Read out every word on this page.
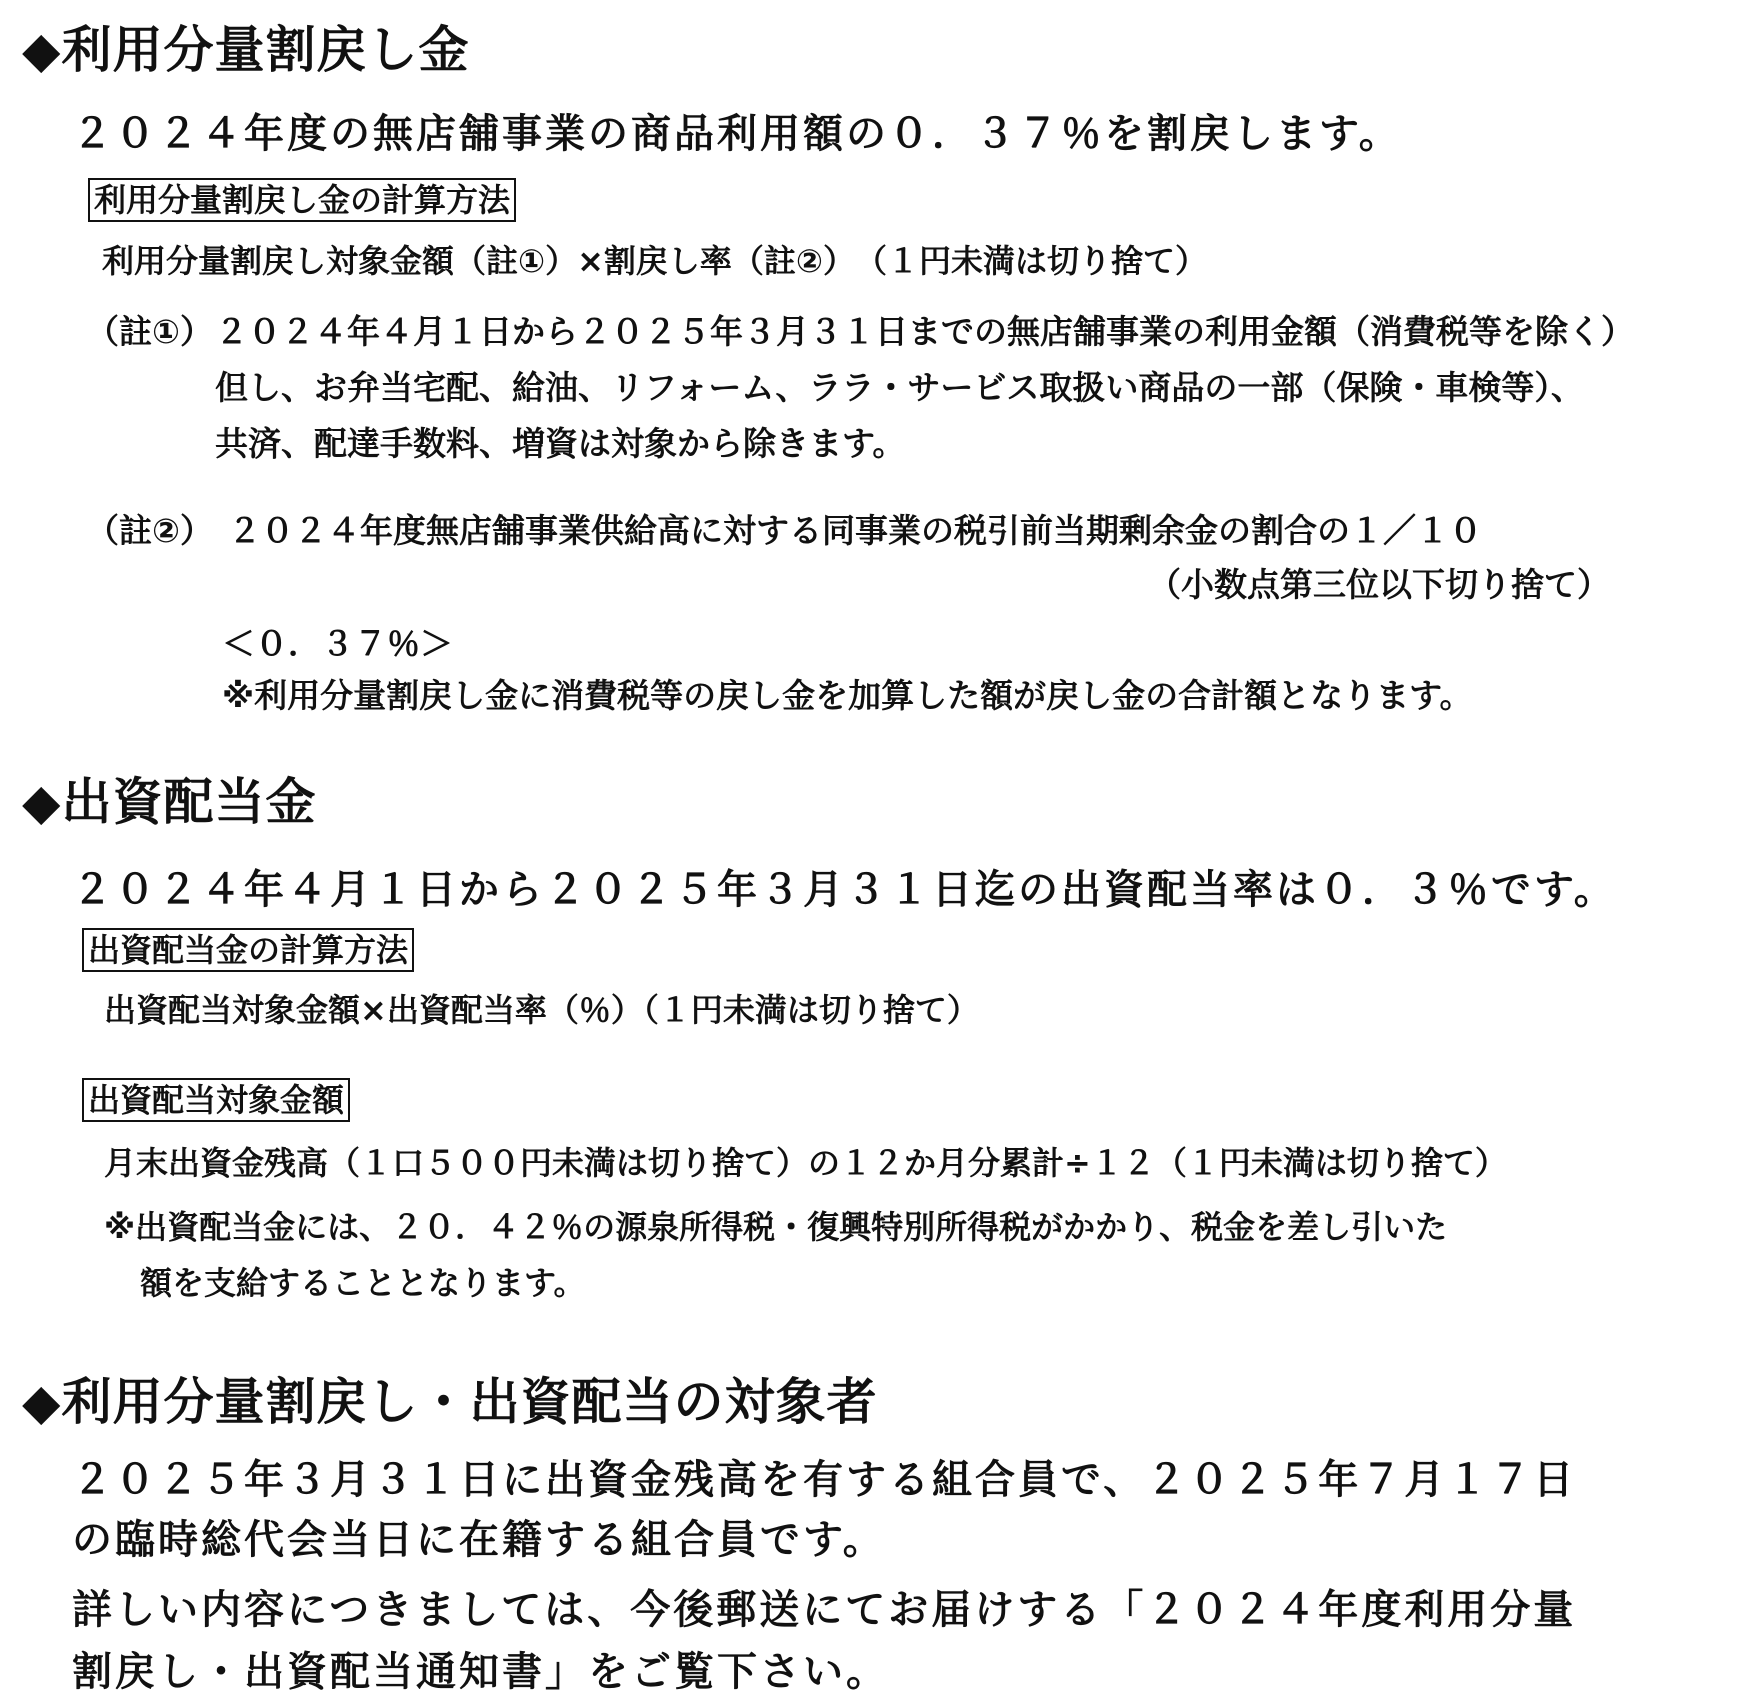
◆利用分量割戻し金
２０２４年度の無店舗事業の商品利用額の０．３７％を割戻します。
利用分量割戻し金の計算方法
利用分量割戻し対象金額（註①）×割戻し率（註②）　（１円未満は切り捨て）
（註①） ２０２４年４月１日から２０２５年３月３１日までの無店舗事業の利用金額（消費税等を除く）
但し、お弁当宅配、給油、リフォーム、ララ・サービス取扱い商品の一部（保険・車検等）、
共済、配達手数料、増資は対象から除きます。
（註②） ２０２４年度無店舗事業供給高に対する同事業の税引前当期剰余金の割合の１／１０
（小数点第三位以下切り捨て）
＜０．３７％＞
※利用分量割戻し金に消費税等の戻し金を加算した額が戻し金の合計額となります。
◆出資配当金
２０２４年４月１日から２０２５年３月３１日迄の出資配当率は０．３％です。
出資配当金の計算方法
出資配当対象金額×出資配当率（％）（１円未満は切り捨て）
出資配当対象金額
月末出資金残高（１口５００円未満は切り捨て）の１２か月分累計÷１２（１円未満は切り捨て）
※出資配当金には、２０．４２％の源泉所得税・復興特別所得税がかかり、税金を差し引いた
額を支給することとなります。
◆利用分量割戻し・出資配当の対象者
２０２５年３月３１日に出資金残高を有する組合員で、２０２５年７月１７日
の臨時総代会当日に在籍する組合員です。
詳しい内容につきましては、今後郵送にてお届けする「２０２４年度利用分量
割戻し・出資配当通知書」をご覧下さい。
